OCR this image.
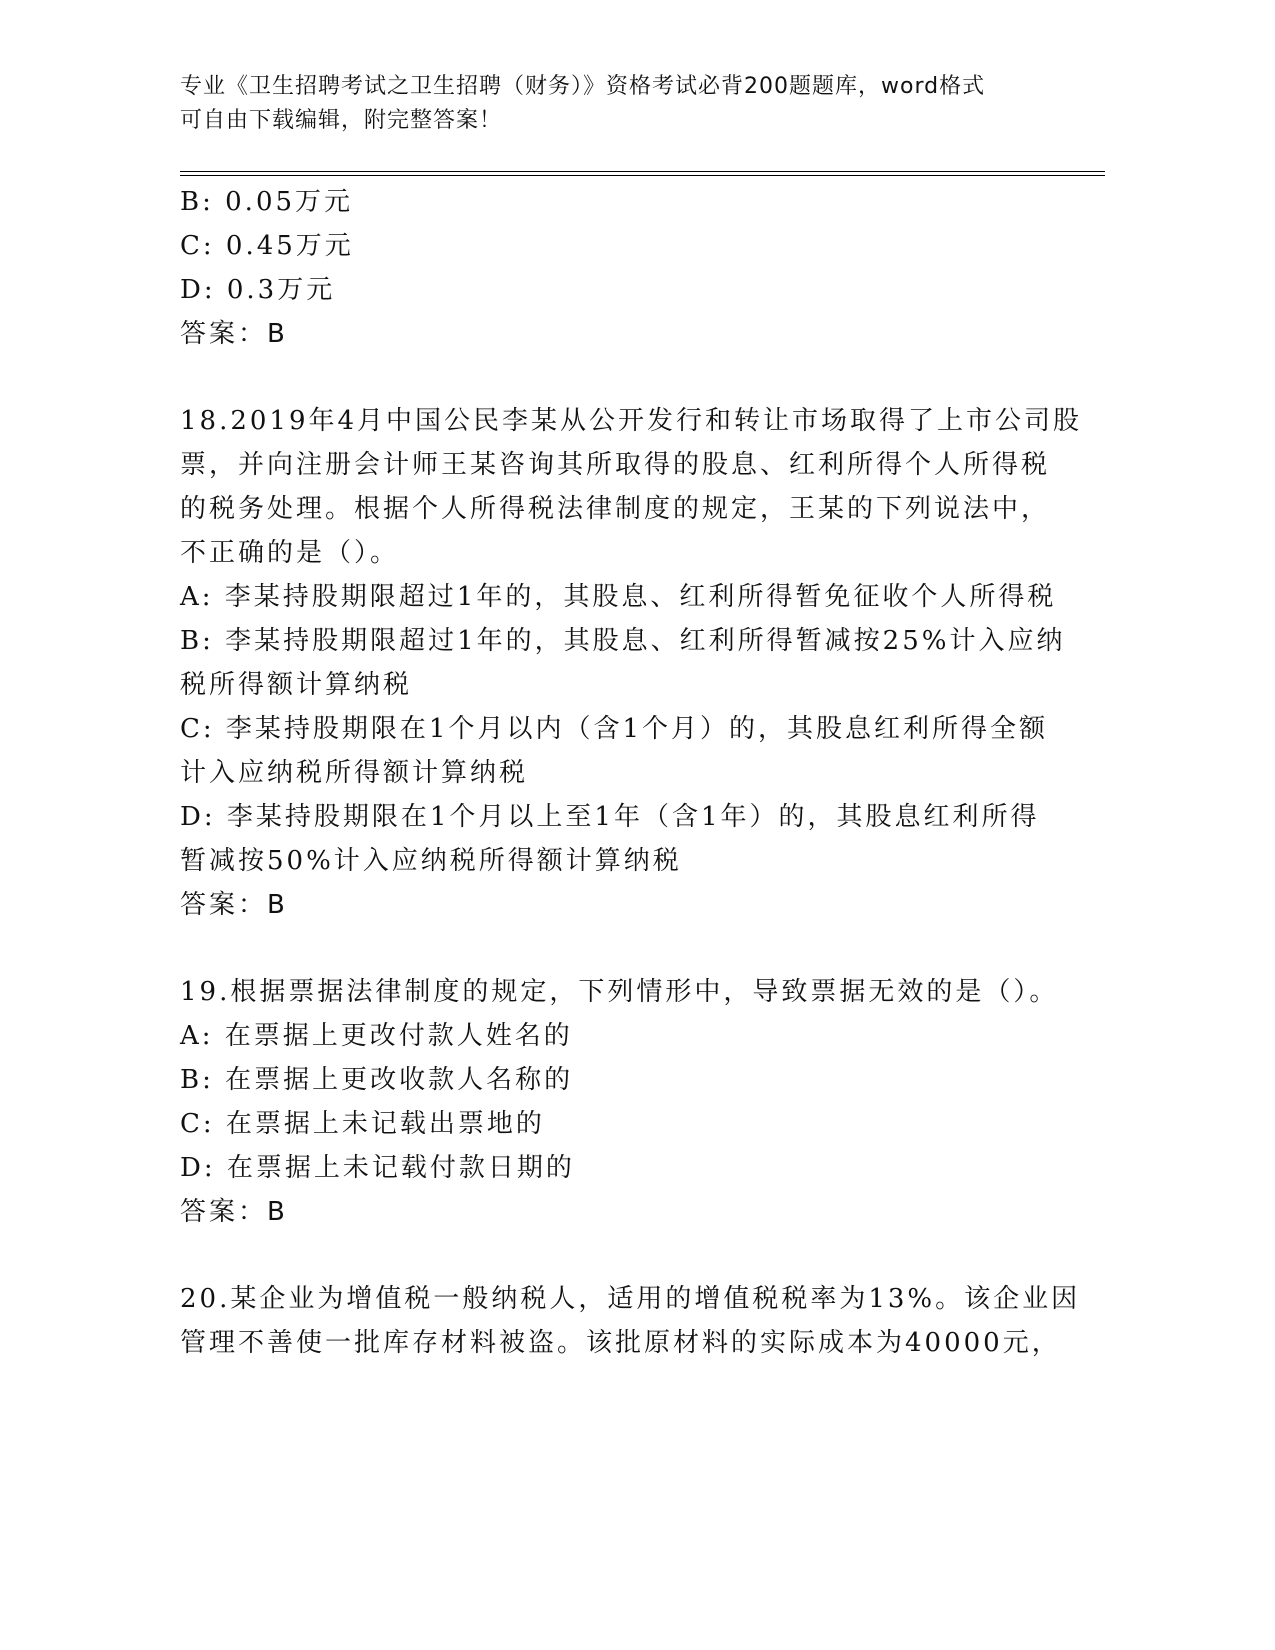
专业《卫生招聘考试之卫生招聘（财务）》资格考试必背200题题库，word格式
可自由下载编辑，附完整答案！
B: 0.05万元
C: 0.45万元
D: 0.3万元
答案：B
18.2019年4月中国公民李某从公开发行和转让市场取得了上市公司股
票，并向注册会计师王某咨询其所取得的股息、红利所得个人所得税
的税务处理。根据个人所得税法律制度的规定，王某的下列说法中，
不正确的是（）。
A: 李某持股期限超过1年的，其股息、红利所得暂免征收个人所得税
B: 李某持股期限超过1年的，其股息、红利所得暂减按25%计入应纳
税所得额计算纳税
C: 李某持股期限在1个月以内（含1个月）的，其股息红利所得全额
计入应纳税所得额计算纳税
D: 李某持股期限在1个月以上至1年（含1年）的，其股息红利所得
暂减按50%计入应纳税所得额计算纳税
答案：B
19.根据票据法律制度的规定，下列情形中，导致票据无效的是（）。
A: 在票据上更改付款人姓名的
B: 在票据上更改收款人名称的
C: 在票据上未记载出票地的
D: 在票据上未记载付款日期的
答案：B
20.某企业为增值税一般纳税人，适用的增值税税率为13%。该企业因
管理不善使一批库存材料被盗。该批原材料的实际成本为40000元，
